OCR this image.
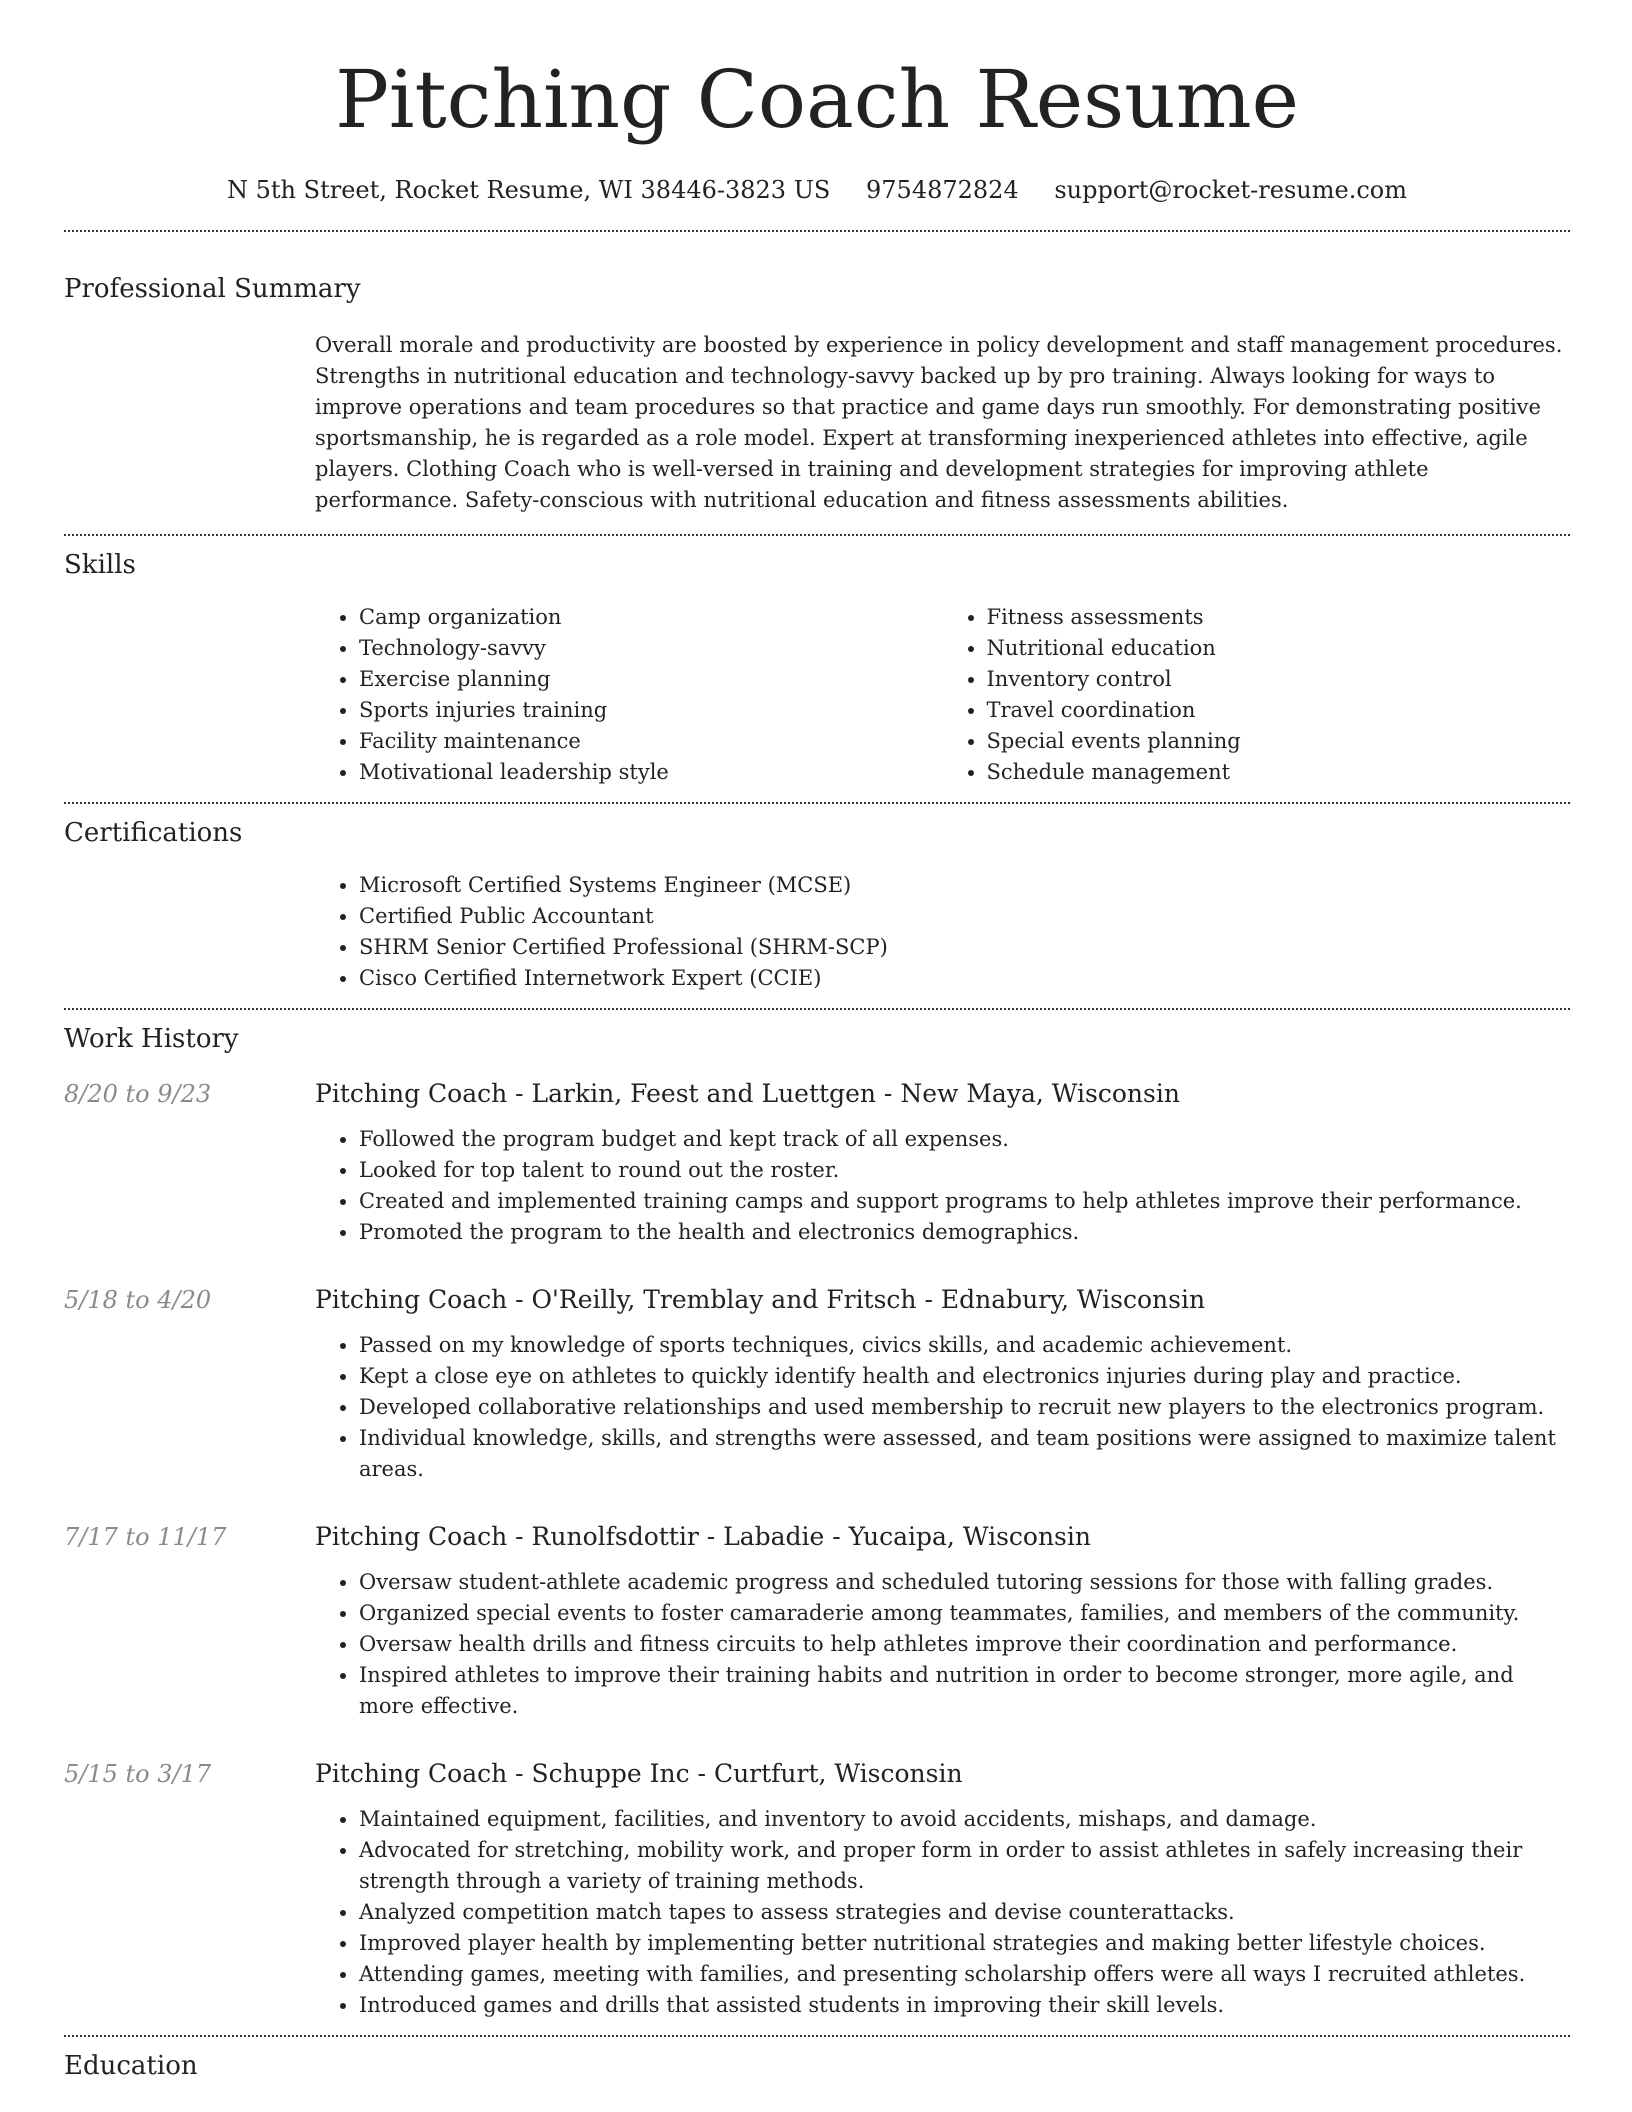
Pitching Coach Resume
N 5th Street, Rocket Resume, WI 38446-3823 US 9754872824 support@rocket-resume.com
Professional Summary
Overall morale and productivity are boosted by experience in policy development and staff management procedures. Strengths in nutritional education and technology-savvy backed up by pro training. Always looking for ways to improve operations and team procedures so that practice and game days run smoothly. For demonstrating positive sportsmanship, he is regarded as a role model. Expert at transforming inexperienced athletes into effective, agile players. Clothing Coach who is well-versed in training and development strategies for improving athlete performance. Safety-conscious with nutritional education and fitness assessments abilities.
Skills
• Camp organization
• Technology-savvy
• Exercise planning
• Sports injuries training
• Facility maintenance
• Motivational leadership style
• Fitness assessments
• Nutritional education
• Inventory control
• Travel coordination
• Special events planning
• Schedule management
Certifications
• Microsoft Certified Systems Engineer (MCSE)
• Certified Public Accountant
• SHRM Senior Certified Professional (SHRM-SCP)
• Cisco Certified Internetwork Expert (CCIE)
Work History
8/20 to 9/23	Pitching Coach - Larkin, Feest and Luettgen - New Maya, Wisconsin
• Followed the program budget and kept track of all expenses.
• Looked for top talent to round out the roster.
• Created and implemented training camps and support programs to help athletes improve their performance.
• Promoted the program to the health and electronics demographics.
5/18 to 4/20	Pitching Coach - O'Reilly, Tremblay and Fritsch - Ednabury, Wisconsin
• Passed on my knowledge of sports techniques, civics skills, and academic achievement.
• Kept a close eye on athletes to quickly identify health and electronics injuries during play and practice.
• Developed collaborative relationships and used membership to recruit new players to the electronics program.
• Individual knowledge, skills, and strengths were assessed, and team positions were assigned to maximize talent areas.
7/17 to 11/17	Pitching Coach - Runolfsdottir - Labadie - Yucaipa, Wisconsin
• Oversaw student-athlete academic progress and scheduled tutoring sessions for those with falling grades.
• Organized special events to foster camaraderie among teammates, families, and members of the community.
• Oversaw health drills and fitness circuits to help athletes improve their coordination and performance.
• Inspired athletes to improve their training habits and nutrition in order to become stronger, more agile, and more effective.
5/15 to 3/17	Pitching Coach - Schuppe Inc - Curtfurt, Wisconsin
• Maintained equipment, facilities, and inventory to avoid accidents, mishaps, and damage.
• Advocated for stretching, mobility work, and proper form in order to assist athletes in safely increasing their strength through a variety of training methods.
• Analyzed competition match tapes to assess strategies and devise counterattacks.
• Improved player health by implementing better nutritional strategies and making better lifestyle choices.
• Attending games, meeting with families, and presenting scholarship offers were all ways I recruited athletes.
• Introduced games and drills that assisted students in improving their skill levels.
Education
